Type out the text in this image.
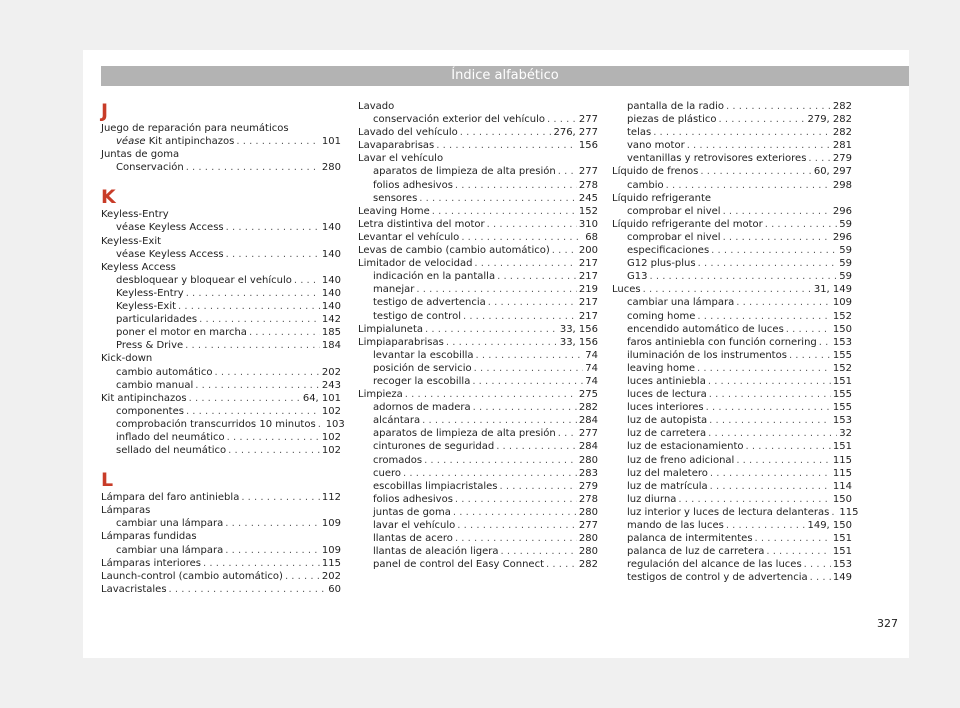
Índice alfabético
J
Juego de reparación para neumáticos
véase Kit antipinchazos . . .	101
Juntas de goma
Conservación . . .	280
K
Keyless-Entry
véase Keyless Access . . .	140
Keyless-Exit
véase Keyless Access . . .	140
Keyless Access
desbloquear y bloquear el vehículo . . .	140
Keyless-Entry . . .	140
Keyless-Exit . . .	140
particularidades . . .	142
poner el motor en marcha . . .	185
Press & Drive . . .	184
Kick-down
cambio automático . . .	202
cambio manual . . .	243
Kit antipinchazos . . .	64, 101
componentes . . .	102
comprobación transcurridos 10 minutos . . . 103
inflado del neumático . . .	102
sellado del neumático . . .	102
L
Lámpara del faro antiniebla . . .	112
Lámparas
cambiar una lámpara . . .	109
Lámparas fundidas
cambiar una lámpara . . .	109
Lámparas interiores . . .	115
Launch-control (cambio automático) . . .	202
Lavacristales . . .	60
Lavado
conservación exterior del vehículo . . .	277
Lavado del vehículo . . .	276, 277
Lavaparabrisas . . .	156
Lavar el vehículo
aparatos de limpieza de alta presión . . . 277
folios adhesivos . . .	278
sensores . . .	245
Leaving Home . . .	152
Letra distintiva del motor . . .	310
Levantar el vehículo . . .	68
Levas de cambio (cambio automático) . . .	200
Limitador de velocidad . . .	217
indicación en la pantalla . . .	217
manejar . . .	219
testigo de advertencia . . .	217
testigo de control . . .	217
Limpialuneta . . .	33, 156
Limpiaparabrisas . . .	33, 156
levantar la escobilla . . .	74
posición de servicio . . .	74
recoger la escobilla . . .	74
Limpieza . . .	275
adornos de madera . . .	282
alcántara . . .	284
aparatos de limpieza de alta presión . . . 277
cinturones de seguridad . . .	284
cromados . . .	280
cuero . . .	283
escobillas limpiacristales . . .	279
folios adhesivos . . .	278
juntas de goma . . .	280
lavar el vehículo . . .	277
llantas de acero . . .	280
llantas de aleación ligera . . .	280
panel de control del Easy Connect . . .	282
pantalla de la radio . . .	282
piezas de plástico . . .	279, 282
telas . . .	282
vano motor . . .	281
ventanillas y retrovisores exteriores . . .	279
Líquido de frenos . . .	60, 297
cambio . . .	298
Líquido refrigerante
comprobar el nivel . . .	296
Líquido refrigerante del motor . . .	59
comprobar el nivel . . .	296
especificaciones . . .	59
G12 plus-plus . . .	59
G13 . . .	59
Luces . . .	31, 149
cambiar una lámpara . . .	109
coming home . . .	152
encendido automático de luces . . .	150
faros antiniebla con función cornering . . . 153
iluminación de los instrumentos . . .	155
leaving home . . .	152
luces antiniebla . . .	151
luces de lectura . . .	155
luces interiores . . .	155
luz de autopista . . .	153
luz de carretera . . .	32
luz de estacionamiento . . .	151
luz de freno adicional . . .	115
luz del maletero . . .	115
luz de matrícula . . .	114
luz diurna . . .	150
luz interior y luces de lectura delanteras . . . 115
mando de las luces . . .	149, 150
palanca de intermitentes . . .	151
palanca de luz de carretera . . .	151
regulación del alcance de las luces . . .	153
testigos de control y de advertencia . . .	149
327
